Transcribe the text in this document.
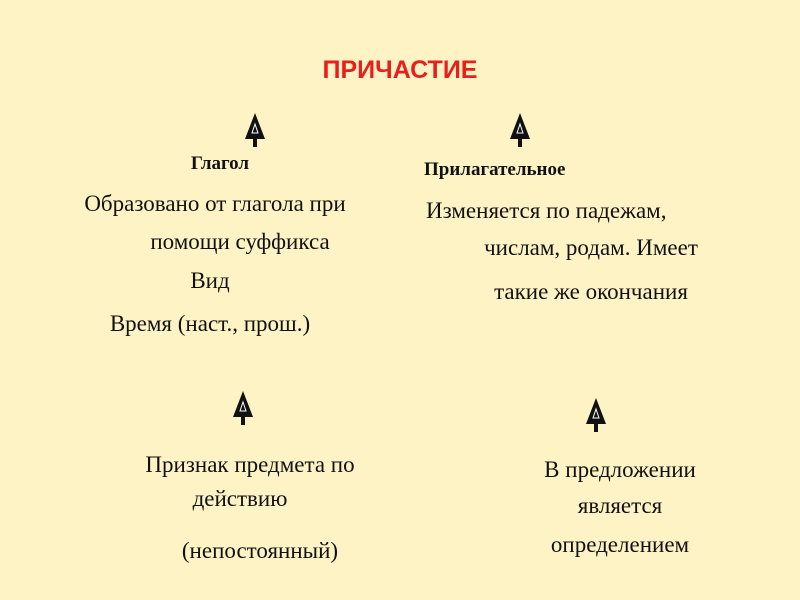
ПРИЧАСТИЕ
Глагол
Образовано от глагола при
помощи суффикса
Вид
Время (наст., прош.)
Прилагательное
Изменяется по падежам,
числам, родам. Имеет
такие же окончания
Признак предмета по
действию
(непостоянный)
В предложении
является
определением
